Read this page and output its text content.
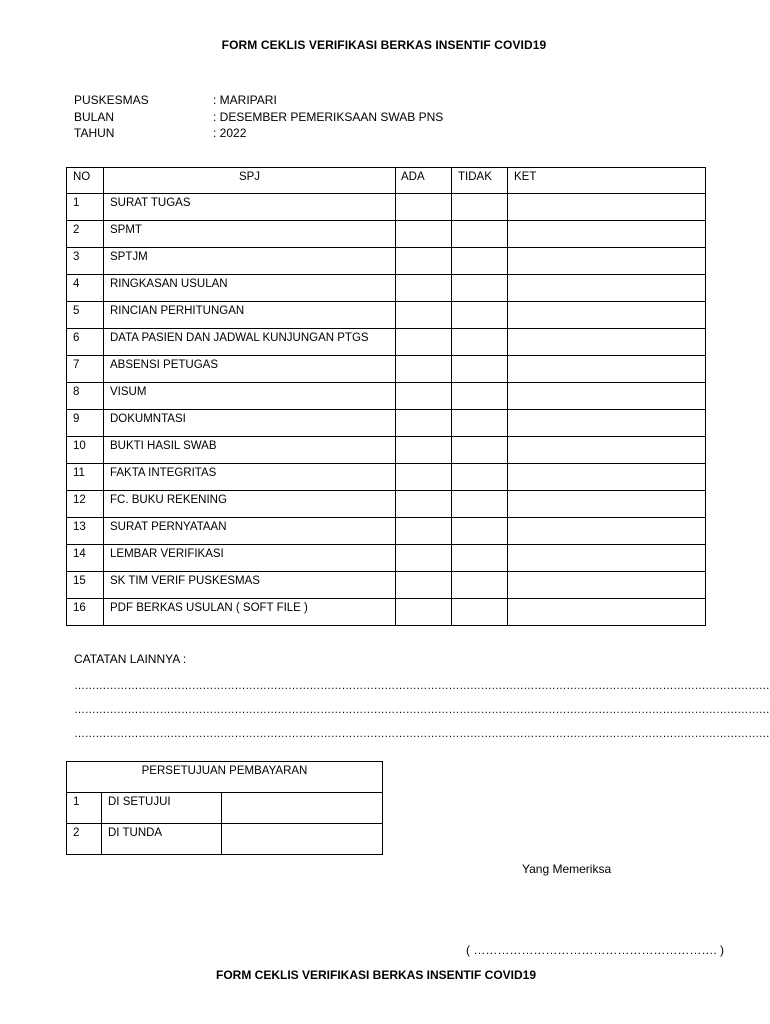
FORM CEKLIS VERIFIKASI BERKAS INSENTIF COVID19
PUSKESMAS	: MARIPARI
BULAN	: DESEMBER PEMERIKSAAN SWAB PNS
TAHUN	: 2022
NO	SPJ	ADA	TIDAK	KET
1	SURAT TUGAS			
2	SPMT			
3	SPTJM			
4	RINGKASAN USULAN			
5	RINCIAN PERHITUNGAN			
6	DATA PASIEN DAN JADWAL KUNJUNGAN PTGS			
7	ABSENSI PETUGAS			
8	VISUM			
9	DOKUMNTASI			
10	BUKTI HASIL SWAB			
11	FAKTA INTEGRITAS			
12	FC. BUKU REKENING			
13	SURAT PERNYATAAN			
14	LEMBAR VERIFIKASI			
15	SK TIM VERIF PUSKESMAS			
16	PDF BERKAS USULAN ( SOFT FILE )			
CATATAN LAINNYA :
……………………………………………………………………………………………………………………………………………………………………………
……………………………………………………………………………………………………………………………………………………………………………
……………………………………………………………………………………………………………………………………………………………………………
PERSETUJUAN PEMBAYARAN		
1	DI SETUJUI	
2	DI TUNDA	
Yang Memeriksa
( ……………………………………………………. )
FORM CEKLIS VERIFIKASI BERKAS INSENTIF COVID19
